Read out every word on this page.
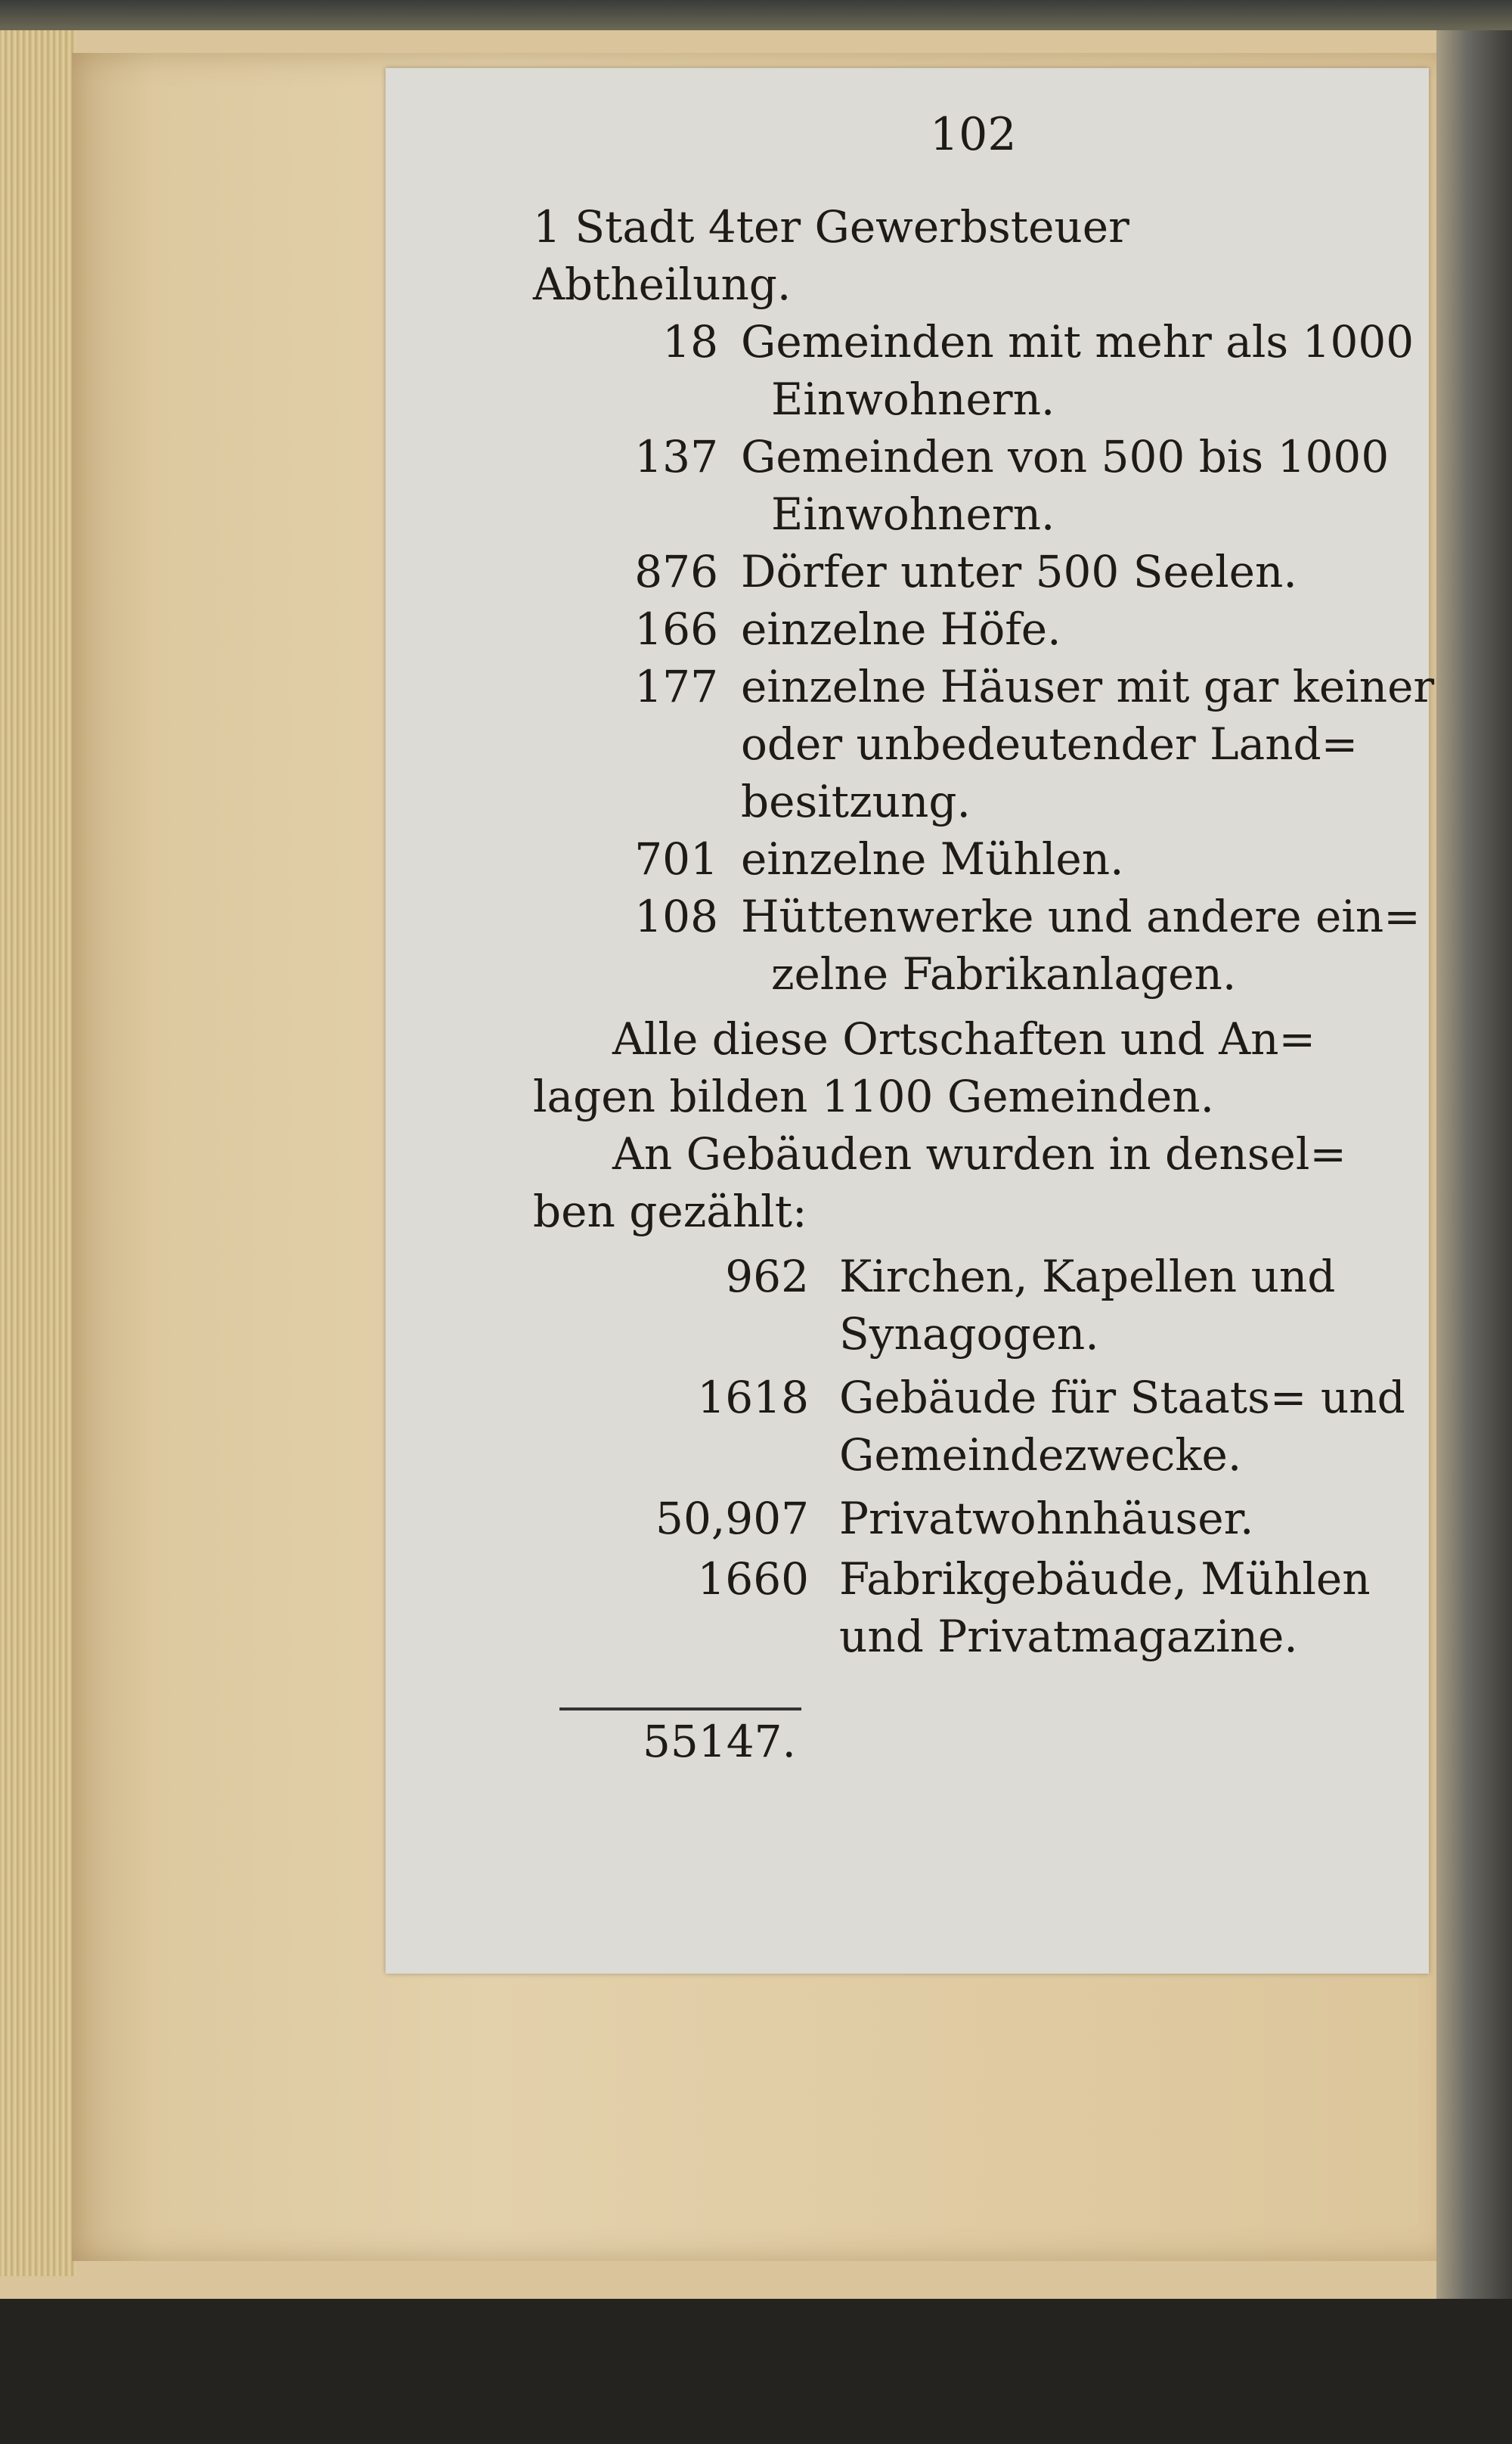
102
1 Stadt 4ter Gewerbsteuer
Abtheilung.
18 Gemeinden mit mehr als 1000
Einwohnern.
137 Gemeinden von 500 bis 1000
Einwohnern.
876 Dörfer unter 500 Seelen.
166 einzelne Höfe.
177 einzelne Häuser mit gar keiner
oder unbedeutender Land=
besitzung.
701 einzelne Mühlen.
108 Hüttenwerke und andere ein=
zelne Fabrikanlagen.
Alle diese Ortschaften und An=
lagen bilden 1100 Gemeinden.
An Gebäuden wurden in densel=
ben gezählt:
962 Kirchen, Kapellen und
Synagogen.
1618 Gebäude für Staats= und
Gemeindezwecke.
50,907 Privatwohnhäuser.
1660 Fabrikgebäude, Mühlen
und Privatmagazine.
55147.
